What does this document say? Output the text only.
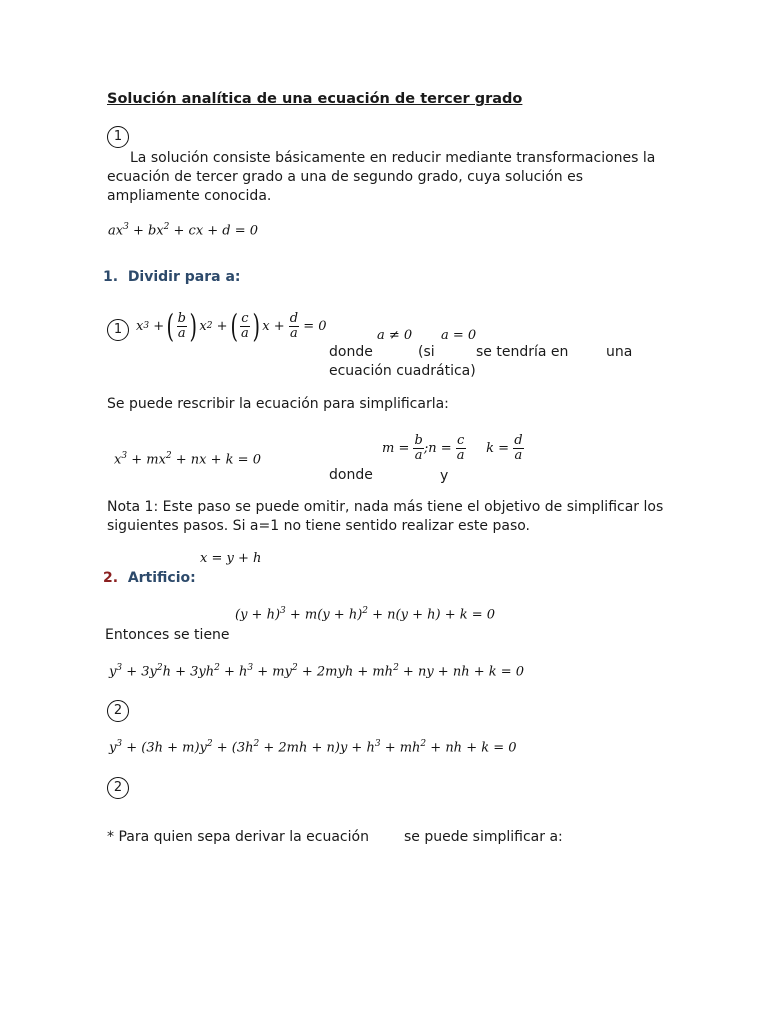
Solución analítica de una ecuación de tercer grado
1
La solución consiste básicamente en reducir mediante transformaciones la
ecuación de tercer grado a una de segundo grado, cuya solución es
ampliamente conocida.
$ax^3 + bx^2$ + cx + d = 0
1. Dividir para a:
1	x 3 + ( $\frac{b}{a}$ ) x 2 + ( $\frac{c}{a}$ ) $x + \frac{d}{a} = 0$
a ≠ 0 a = 0
donde	(si	se tendría en	una
ecuación cuadrática)
Se puede rescribir la ecuación para simplificarla:
$x^3 + mx^2$ + nx + k = 0
$m = \frac{b}{a}$ ;n = $\frac{c}{a}$ $k = \frac{d}{a}$
donde	y
Nota 1: Este paso se puede omitir, nada más tiene el objetivo de simplificar los
siguientes pasos. Si a=1 no tiene sentido realizar este paso.
x = y + h
2. Artificio:
$(y + h)^3 + m(y + h)^2 + n(y + h) + k = 0$
Entonces se tiene
$y^3 + 3y^2h + 3yh^2 + h^3 + my^2 + 2myh + mh^2$ + ny + nh + k = 0
2
$y^3 + (3h + m)y^2 + (3h^2 + 2mh + n)y + h^3 + mh^2$ + nh + k = 0
2
* Para quien sepa derivar la ecuación	se puede simplificar a:
